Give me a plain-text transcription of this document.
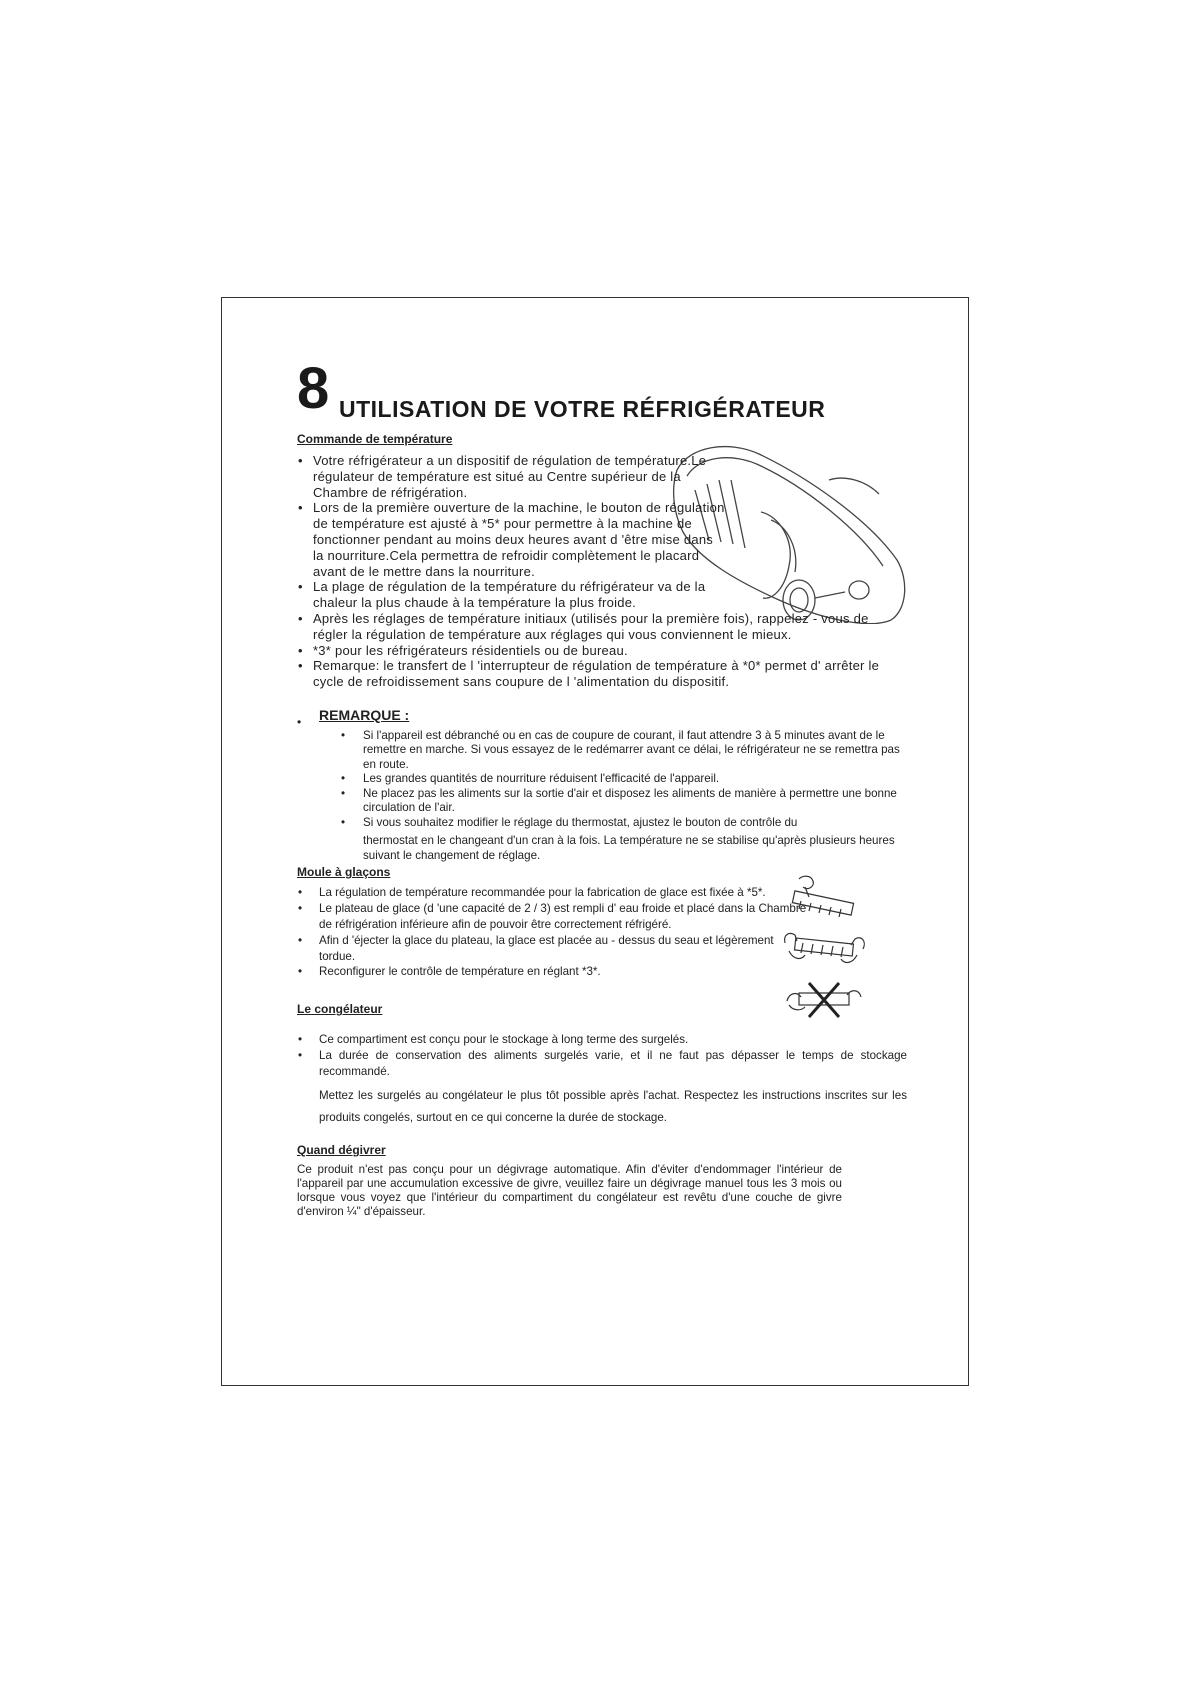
8 UTILISATION DE VOTRE RÉFRIGÉRATEUR
Commande de température
• Votre réfrigérateur a un dispositif de régulation de température.Le régulateur de température est situé au Centre supérieur de la Chambre de réfrigération.
• Lors de la première ouverture de la machine, le bouton de régulation de température est ajusté à *5* pour permettre à la machine de fonctionner pendant au moins deux heures avant d 'être mise dans la nourriture.Cela permettra de refroidir complètement le placard avant de le mettre dans la nourriture.
• La plage de régulation de la température du réfrigérateur va de la chaleur la plus chaude à la température la plus froide.
• Après les réglages de température initiaux (utilisés pour la première fois), rappelez - vous de régler la régulation de température aux réglages qui vous conviennent le mieux.
• *3* pour les réfrigérateurs résidentiels ou de bureau.
• Remarque: le transfert de l 'interrupteur de régulation de température à *0* permet d' arrêter le cycle de refroidissement sans coupure de l 'alimentation du dispositif.
• REMARQUE :
• Si l'appareil est débranché ou en cas de coupure de courant, il faut attendre 3 à 5 minutes avant de le remettre en marche. Si vous essayez de le redémarrer avant ce délai, le réfrigérateur ne se remettra pas en route.
• Les grandes quantités de nourriture réduisent l'efficacité de l'appareil.
• Ne placez pas les aliments sur la sortie d'air et disposez les aliments de manière à permettre une bonne circulation de l'air.
• Si vous souhaitez modifier le réglage du thermostat, ajustez le bouton de contrôle du
thermostat en le changeant d'un cran à la fois. La température ne se stabilise qu'après plusieurs heures suivant le changement de réglage.
Moule à glaçons
• La régulation de température recommandée pour la fabrication de glace est fixée à *5*.
• Le plateau de glace (d 'une capacité de 2 / 3) est rempli d' eau froide et placé dans la Chambre de réfrigération inférieure afin de pouvoir être correctement réfrigéré.
• Afin d 'éjecter la glace du plateau, la glace est placée au - dessus du seau et légèrement tordue.
• Reconfigurer le contrôle de température en réglant *3*.
Le congélateur
• Ce compartiment est conçu pour le stockage à long terme des surgelés.
• La durée de conservation des aliments surgelés varie, et il ne faut pas dépasser le temps de stockage recommandé.
Mettez les surgelés au congélateur le plus tôt possible après l'achat. Respectez les instructions inscrites sur les produits congelés, surtout en ce qui concerne la durée de stockage.
Quand dégivrer

Ce produit n'est pas conçu pour un dégivrage automatique. Afin d'éviter d'endommager l'intérieur de l'appareil par une accumulation excessive de givre, veuillez faire un dégivrage manuel tous les 3 mois ou lorsque vous voyez que l'intérieur du compartiment du congélateur est revêtu d'une couche de givre d'environ ¼" d'épaisseur.
